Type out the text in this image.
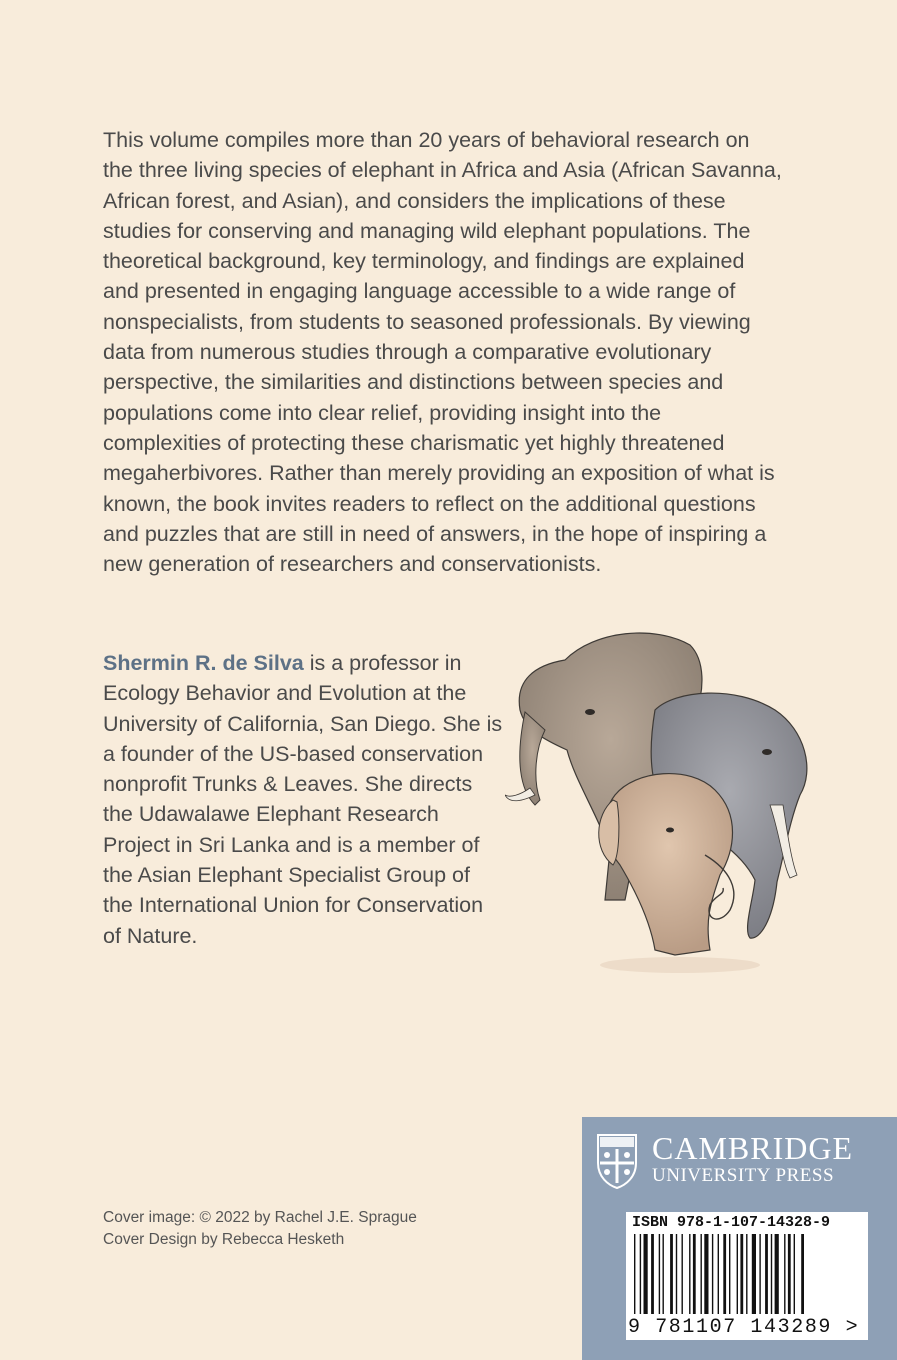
This volume compiles more than 20 years of behavioral research on the three living species of elephant in Africa and Asia (African Savanna, African forest, and Asian), and considers the implications of these studies for conserving and managing wild elephant populations. The theoretical background, key terminology, and findings are explained and presented in engaging language accessible to a wide range of nonspecialists, from students to seasoned professionals. By viewing data from numerous studies through a comparative evolutionary perspective, the similarities and distinctions between species and populations come into clear relief, providing insight into the complexities of protecting these charismatic yet highly threatened megaherbivores. Rather than merely providing an exposition of what is known, the book invites readers to reflect on the additional questions and puzzles that are still in need of answers, in the hope of inspiring a new generation of researchers and conservationists.

Shermin R. de Silva is a professor in Ecology Behavior and Evolution at the University of California, San Diego. She is a founder of the US-based conservation nonprofit Trunks & Leaves. She directs the Udawalawe Elephant Research Project in Sri Lanka and is a member of the Asian Elephant Specialist Group of the International Union for Conservation of Nature.

Cover image: © 2022 by Rachel J.E. Sprague
Cover Design by Rebecca Hesketh
CAMBRIDGE
UNIVERSITY PRESS
ISBN 978-1-107-14328-9
9 781107 143289 >
